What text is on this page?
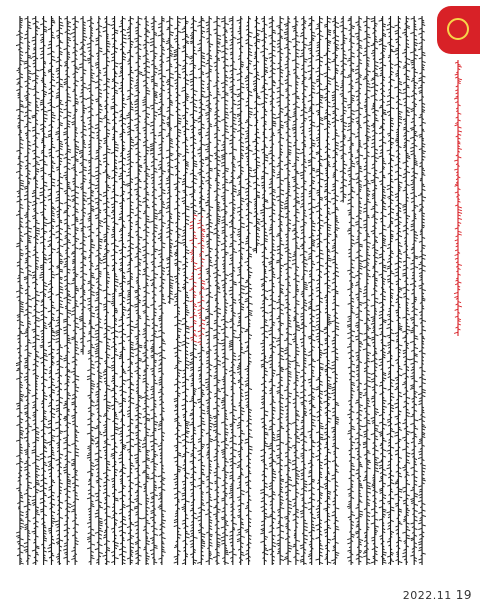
2022.11 19
